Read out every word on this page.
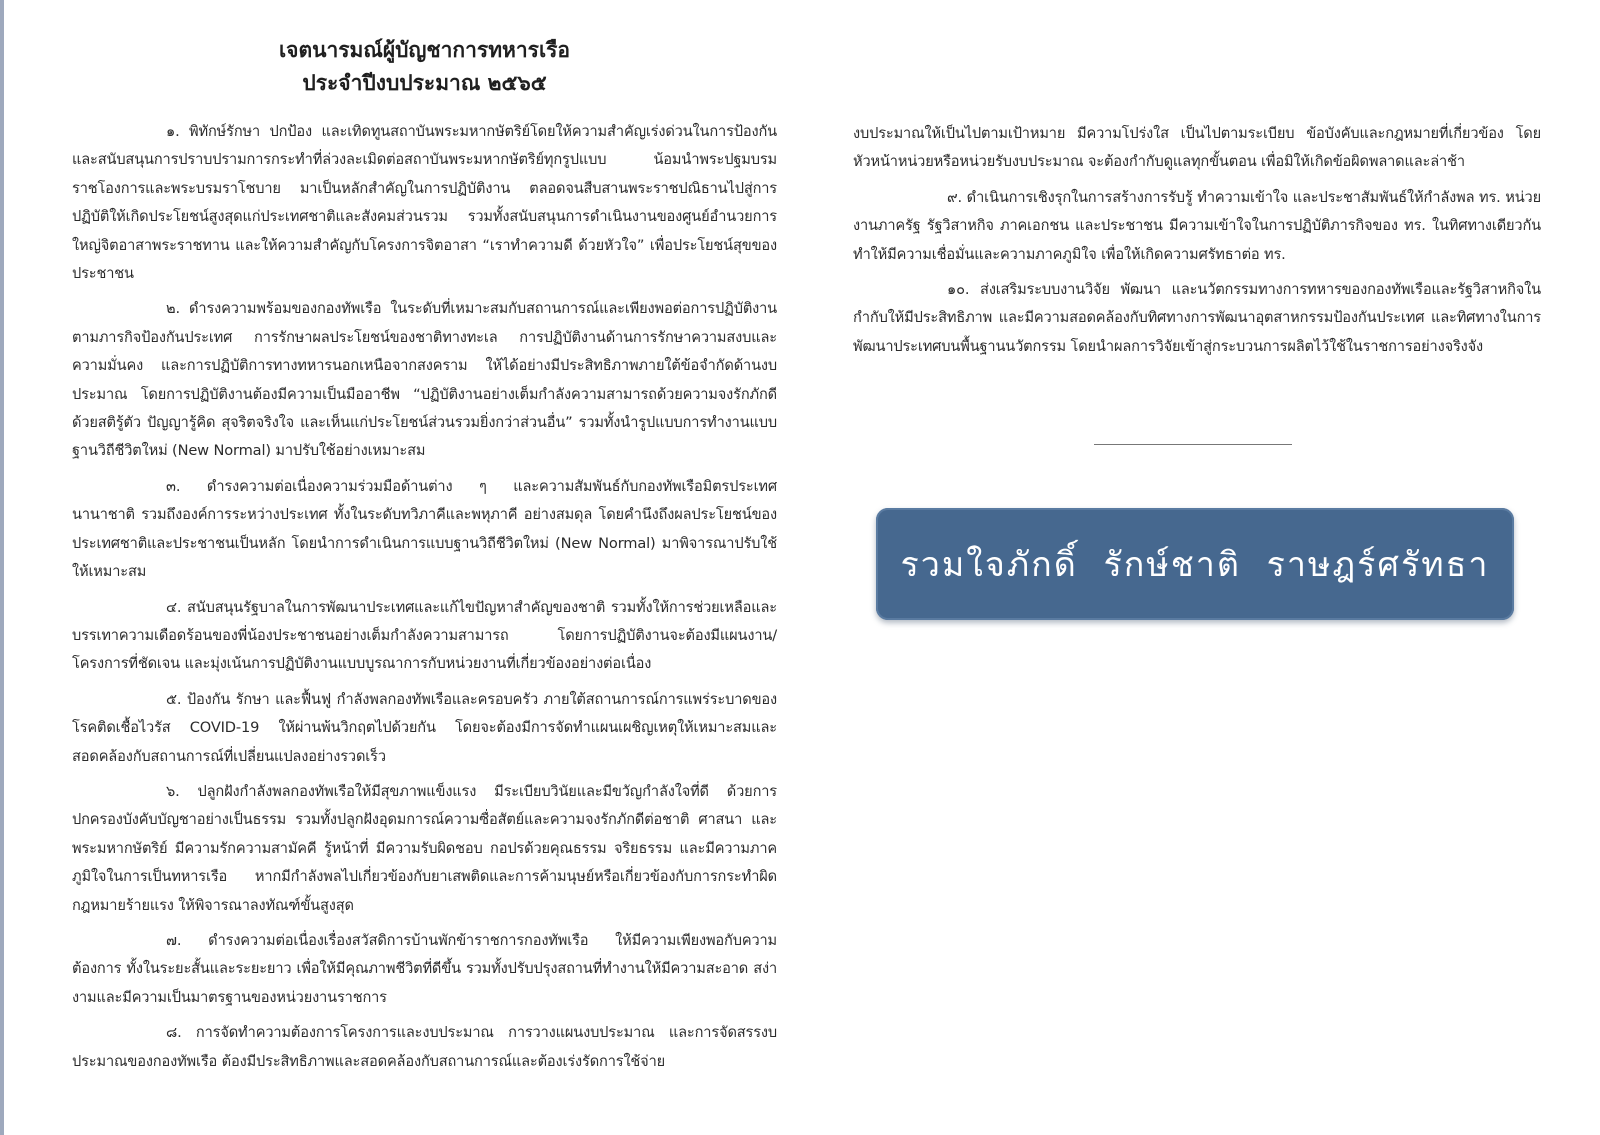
เจตนารมณ์ผู้บัญชาการทหารเรือ
ประจำปีงบประมาณ ๒๕๖๕

๑. พิทักษ์รักษา ปกป้อง และเทิดทูนสถาบันพระมหากษัตริย์โดยให้ความสำคัญเร่งด่วนในการป้องกันและสนับสนุนการปราบปรามการกระทำที่ล่วงละเมิดต่อสถาบันพระมหากษัตริย์ทุกรูปแบบ น้อมนำพระปฐมบรมราชโองการและพระบรมราโชบาย มาเป็นหลักสำคัญในการปฏิบัติงาน ตลอดจนสืบสานพระราชปณิธานไปสู่การปฏิบัติให้เกิดประโยชน์สูงสุดแก่ประเทศชาติและสังคมส่วนรวม รวมทั้งสนับสนุนการดำเนินงานของศูนย์อำนวยการใหญ่จิตอาสาพระราชทาน และให้ความสำคัญกับโครงการจิตอาสา “เราทำความดี ด้วยหัวใจ” เพื่อประโยชน์สุขของประชาชน

๒. ดำรงความพร้อมของกองทัพเรือ ในระดับที่เหมาะสมกับสถานการณ์และเพียงพอต่อการปฏิบัติงานตามภารกิจป้องกันประเทศ การรักษาผลประโยชน์ของชาติทางทะเล การปฏิบัติงานด้านการรักษาความสงบและความมั่นคง และการปฏิบัติการทางทหารนอกเหนือจากสงคราม ให้ได้อย่างมีประสิทธิภาพภายใต้ข้อจำกัดด้านงบประมาณ โดยการปฏิบัติงานต้องมีความเป็นมืออาชีพ “ปฏิบัติงานอย่างเต็มกำลังความสามารถด้วยความจงรักภักดี ด้วยสติรู้ตัว ปัญญารู้คิด สุจริตจริงใจ และเห็นแก่ประโยชน์ส่วนรวมยิ่งกว่าส่วนอื่น” รวมทั้งนำรูปแบบการทำงานแบบฐานวิถีชีวิตใหม่ (New Normal) มาปรับใช้อย่างเหมาะสม

๓. ดำรงความต่อเนื่องความร่วมมือด้านต่าง ๆ และความสัมพันธ์กับกองทัพเรือมิตรประเทศ นานาชาติ รวมถึงองค์การระหว่างประเทศ ทั้งในระดับทวิภาคีและพหุภาคี อย่างสมดุล โดยคำนึงถึงผลประโยชน์ของประเทศชาติและประชาชนเป็นหลัก โดยนำการดำเนินการแบบฐานวิถีชีวิตใหม่ (New Normal) มาพิจารณาปรับใช้ให้เหมาะสม

๔. สนับสนุนรัฐบาลในการพัฒนาประเทศและแก้ไขปัญหาสำคัญของชาติ รวมทั้งให้การช่วยเหลือและบรรเทาความเดือดร้อนของพี่น้องประชาชนอย่างเต็มกำลังความสามารถ โดยการปฏิบัติงานจะต้องมีแผนงาน/โครงการที่ชัดเจน และมุ่งเน้นการปฏิบัติงานแบบบูรณาการกับหน่วยงานที่เกี่ยวข้องอย่างต่อเนื่อง

๕. ป้องกัน รักษา และฟื้นฟู กำลังพลกองทัพเรือและครอบครัว ภายใต้สถานการณ์การแพร่ระบาดของโรคติดเชื้อไวรัส COVID-19 ให้ผ่านพ้นวิกฤตไปด้วยกัน โดยจะต้องมีการจัดทำแผนเผชิญเหตุให้เหมาะสมและสอดคล้องกับสถานการณ์ที่เปลี่ยนแปลงอย่างรวดเร็ว

๖. ปลูกฝังกำลังพลกองทัพเรือให้มีสุขภาพแข็งแรง มีระเบียบวินัยและมีขวัญกำลังใจที่ดี ด้วยการปกครองบังคับบัญชาอย่างเป็นธรรม รวมทั้งปลูกฝังอุดมการณ์ความซื่อสัตย์และความจงรักภักดีต่อชาติ ศาสนา และพระมหากษัตริย์ มีความรักความสามัคคี รู้หน้าที่ มีความรับผิดชอบ กอปรด้วยคุณธรรม จริยธรรม และมีความภาคภูมิใจในการเป็นทหารเรือ หากมีกำลังพลไปเกี่ยวข้องกับยาเสพติดและการค้ามนุษย์หรือเกี่ยวข้องกับการกระทำผิดกฎหมายร้ายแรง ให้พิจารณาลงทัณฑ์ขั้นสูงสุด

๗. ดำรงความต่อเนื่องเรื่องสวัสดิการบ้านพักข้าราชการกองทัพเรือ ให้มีความเพียงพอกับความต้องการ ทั้งในระยะสั้นและระยะยาว เพื่อให้มีคุณภาพชีวิตที่ดีขึ้น รวมทั้งปรับปรุงสถานที่ทำงานให้มีความสะอาด สง่างามและมีความเป็นมาตรฐานของหน่วยงานราชการ

๘. การจัดทำความต้องการโครงการและงบประมาณ การวางแผนงบประมาณ และการจัดสรรงบประมาณของกองทัพเรือ ต้องมีประสิทธิภาพและสอดคล้องกับสถานการณ์และต้องเร่งรัดการใช้จ่าย

งบประมาณให้เป็นไปตามเป้าหมาย มีความโปร่งใส เป็นไปตามระเบียบ ข้อบังคับและกฎหมายที่เกี่ยวข้อง โดยหัวหน้าหน่วยหรือหน่วยรับงบประมาณ จะต้องกำกับดูแลทุกขั้นตอน เพื่อมิให้เกิดข้อผิดพลาดและล่าช้า

๙. ดำเนินการเชิงรุกในการสร้างการรับรู้ ทำความเข้าใจ และประชาสัมพันธ์ให้กำลังพล ทร. หน่วยงานภาครัฐ รัฐวิสาหกิจ ภาคเอกชน และประชาชน มีความเข้าใจในการปฏิบัติภารกิจของ ทร. ในทิศทางเดียวกัน ทำให้มีความเชื่อมั่นและความภาคภูมิใจ เพื่อให้เกิดความศรัทธาต่อ ทร.

๑๐. ส่งเสริมระบบงานวิจัย พัฒนา และนวัตกรรมทางการทหารของกองทัพเรือและรัฐวิสาหกิจในกำกับให้มีประสิทธิภาพ และมีความสอดคล้องกับทิศทางการพัฒนาอุตสาหกรรมป้องกันประเทศ และทิศทางในการพัฒนาประเทศบนพื้นฐานนวัตกรรม โดยนำผลการวิจัยเข้าสู่กระบวนการผลิตไว้ใช้ในราชการอย่างจริงจัง

รวมใจภักดิ์  รักษ์ชาติ  ราษฎร์ศรัทธา
